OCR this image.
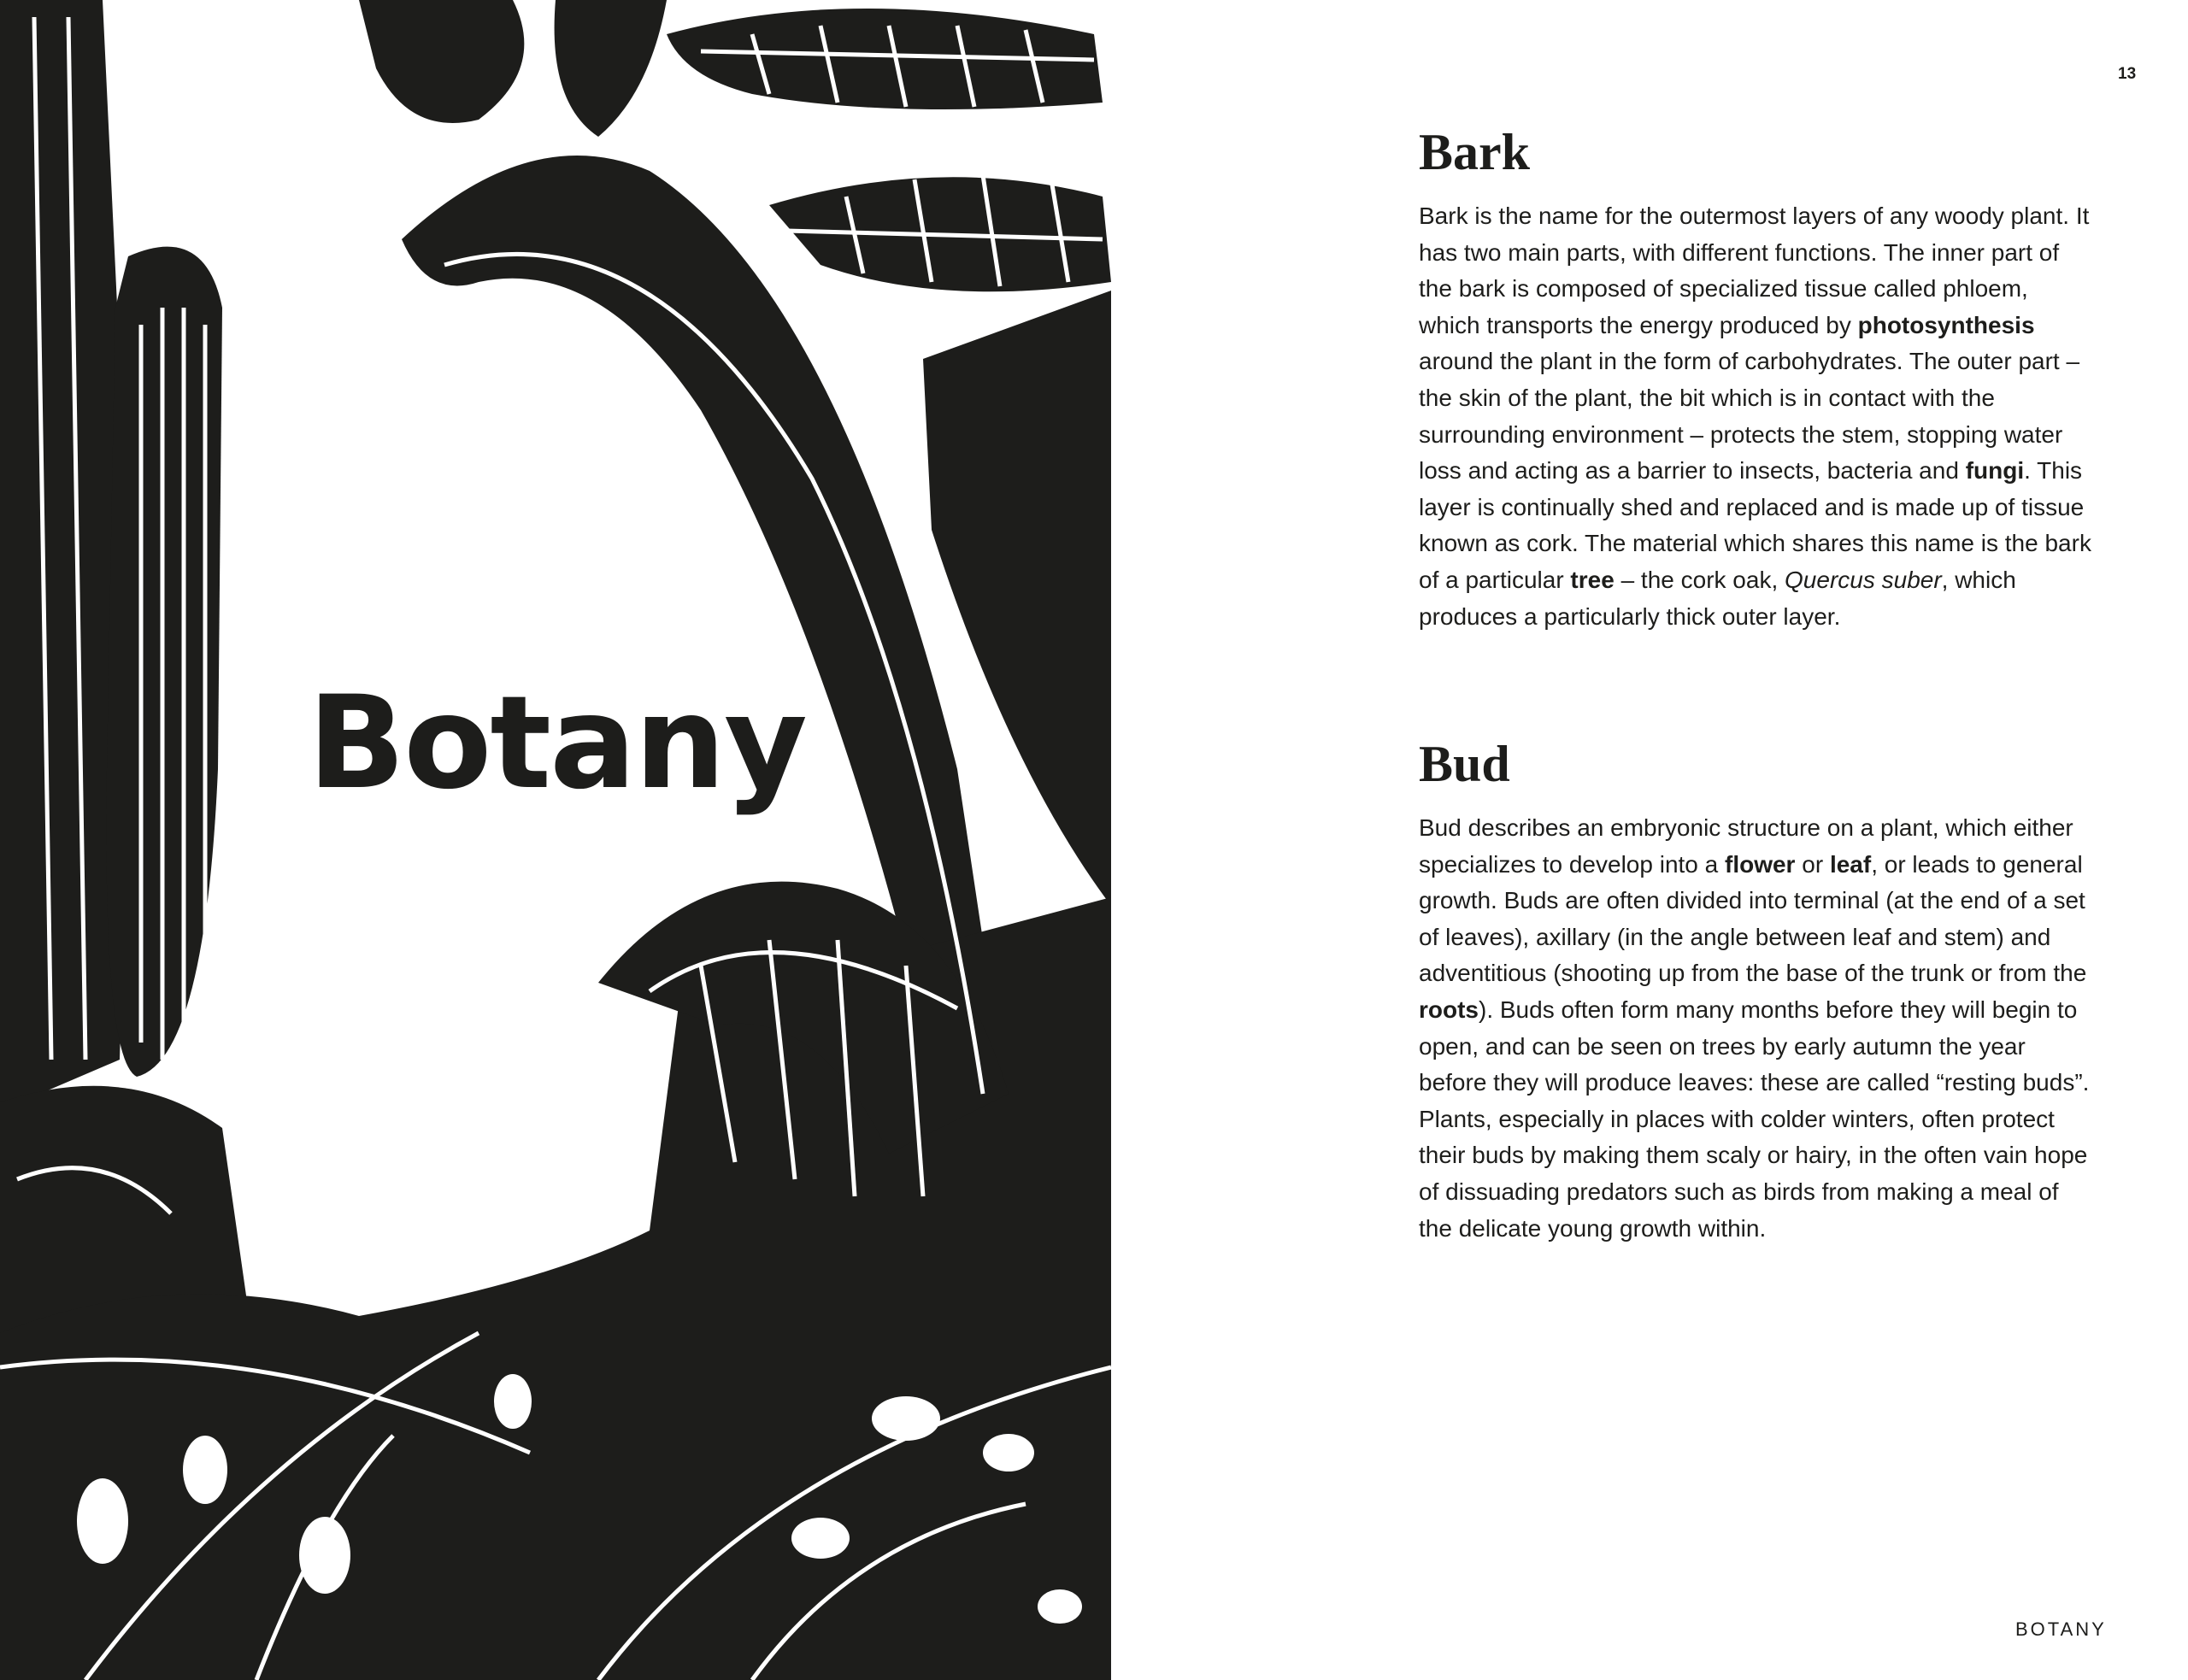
Botany
13
Bark

Bark is the name for the outermost layers of any woody plant. It has two main parts, with different functions. The inner part of the bark is composed of specialized tissue called phloem, which transports the energy produced by photosynthesis around the plant in the form of carbohydrates. The outer part – the skin of the plant, the bit which is in contact with the surrounding environment – protects the stem, stopping water loss and acting as a barrier to insects, bacteria and fungi. This layer is continually shed and replaced and is made up of tissue known as cork. The material which shares this name is the bark of a particular tree – the cork oak, Quercus suber, which produces a particularly thick outer layer.

Bud

Bud describes an embryonic structure on a plant, which either specializes to develop into a flower or leaf, or leads to general growth. Buds are often divided into terminal (at the end of a set of leaves), axillary (in the angle between leaf and stem) and adventitious (shooting up from the base of the trunk or from the roots). Buds often form many months before they will begin to open, and can be seen on trees by early autumn the year before they will produce leaves: these are called “resting buds”. Plants, especially in places with colder winters, often protect their buds by making them scaly or hairy, in the often vain hope of dissuading predators such as birds from making a meal of the delicate young growth within.

BOTANY
